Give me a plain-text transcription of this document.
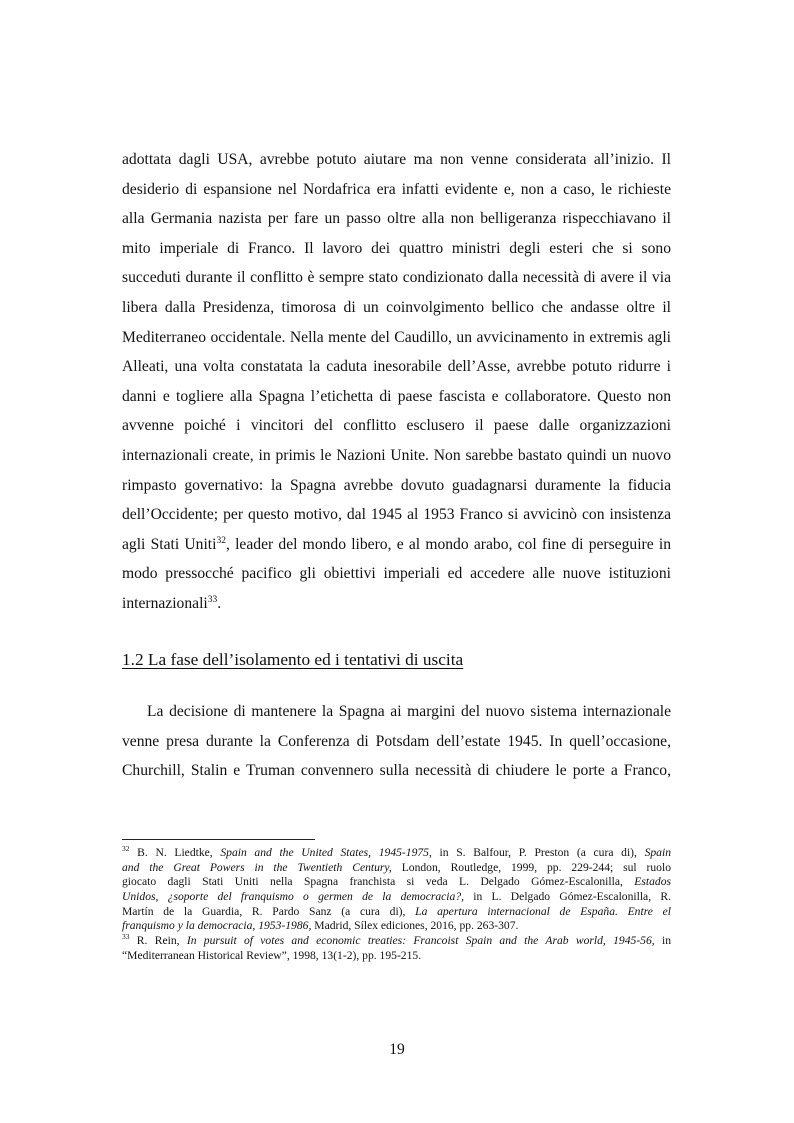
adottata dagli USA, avrebbe potuto aiutare ma non venne considerata all’inizio. Il
desiderio di espansione nel Nordafrica era infatti evidente e, non a caso, le richieste
alla Germania nazista per fare un passo oltre alla non belligeranza rispecchiavano il
mito imperiale di Franco. Il lavoro dei quattro ministri degli esteri che si sono
succeduti durante il conflitto è sempre stato condizionato dalla necessità di avere il via
libera dalla Presidenza, timorosa di un coinvolgimento bellico che andasse oltre il
Mediterraneo occidentale. Nella mente del Caudillo, un avvicinamento in extremis agli
Alleati, una volta constatata la caduta inesorabile dell’Asse, avrebbe potuto ridurre i
danni e togliere alla Spagna l’etichetta di paese fascista e collaboratore. Questo non
avvenne poiché i vincitori del conflitto esclusero il paese dalle organizzazioni
internazionali create, in primis le Nazioni Unite. Non sarebbe bastato quindi un nuovo
rimpasto governativo: la Spagna avrebbe dovuto guadagnarsi duramente la fiducia
dell’Occidente; per questo motivo, dal 1945 al 1953 Franco si avvicinò con insistenza
agli Stati Uniti$^{32}$, leader del mondo libero, e al mondo arabo, col fine di perseguire in
modo pressocché pacifico gli obiettivi imperiali ed accedere alle nuove istituzioni
internazionali$^{33}$.
1.2 La fase dell’isolamento ed i tentativi di uscita
La decisione di mantenere la Spagna ai margini del nuovo sistema internazionale
venne presa durante la Conferenza di Potsdam dell’estate 1945. In quell’occasione,
Churchill, Stalin e Truman convennero sulla necessità di chiudere le porte a Franco,
$^{32}$ B. N. Liedtke, Spain and the United States, 1945-1975, in S. Balfour, P. Preston (a cura di), Spain
and the Great Powers in the Twentieth Century, London, Routledge, 1999, pp. 229-244; sul ruolo
giocato dagli Stati Uniti nella Spagna franchista si veda L. Delgado Gómez-Escalonilla, Estados
Unidos, ¿soporte del franquismo o germen de la democracia?, in L. Delgado Gómez-Escalonilla, R.
Martín de la Guardia, R. Pardo Sanz (a cura di), La apertura internacional de España. Entre el
franquismo y la democracia, 1953-1986, Madrid, Sílex ediciones, 2016, pp. 263-307.
$^{33}$ R. Rein, In pursuit of votes and economic treaties: Francoist Spain and the Arab world, 1945-56, in
“Mediterranean Historical Review”, 1998, 13(1-2), pp. 195-215.
19
